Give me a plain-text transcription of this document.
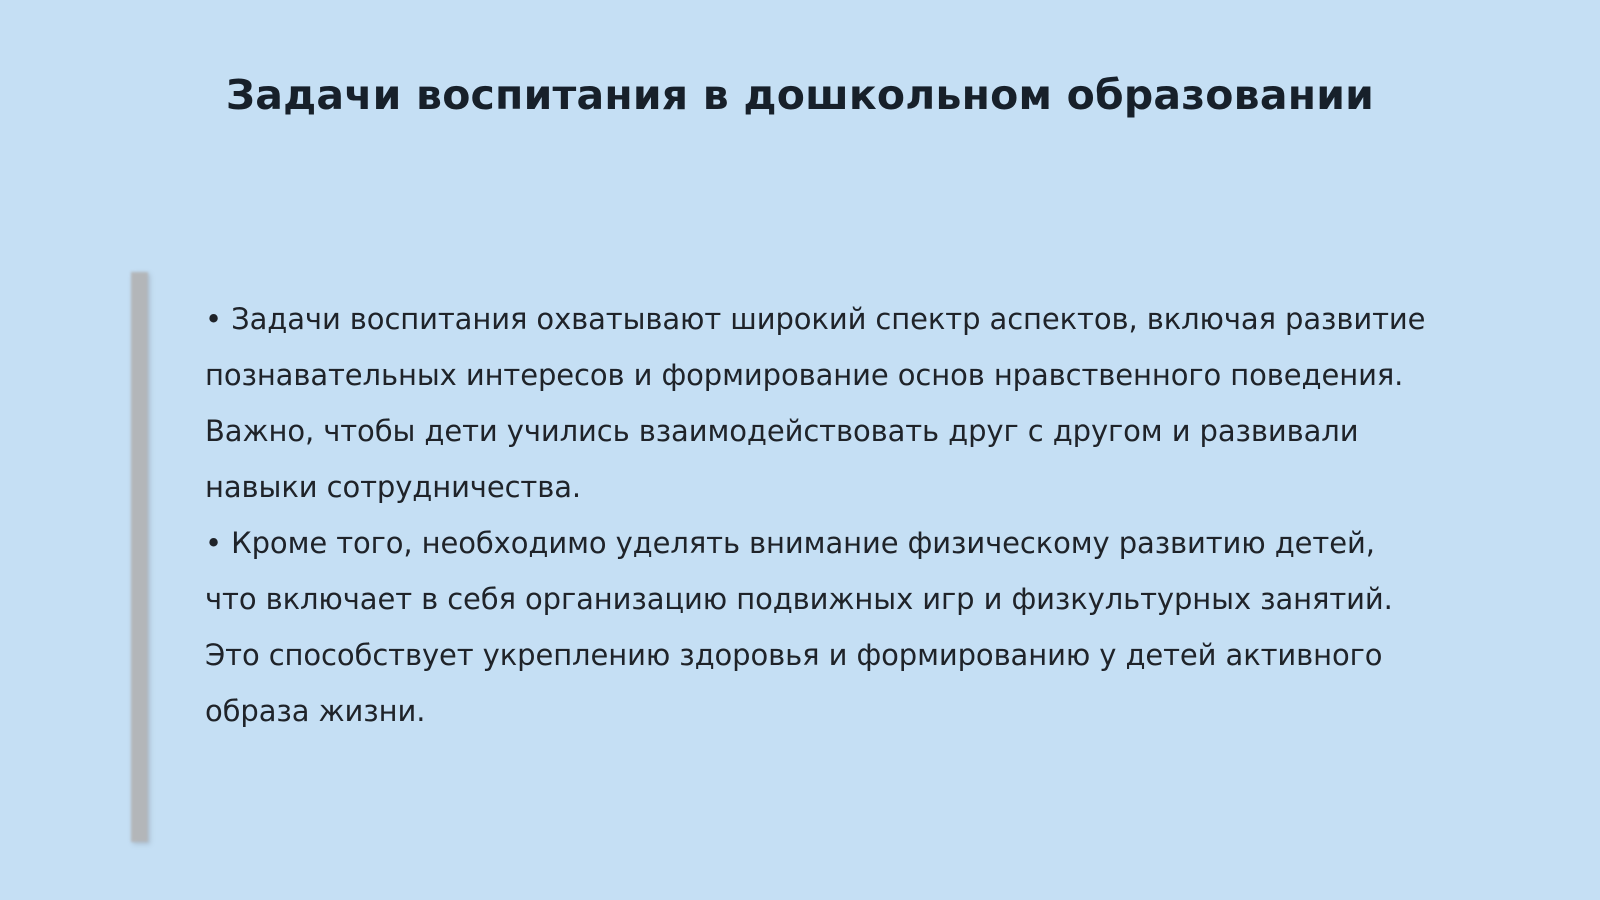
Задачи воспитания в дошкольном образовании

• Задачи воспитания охватывают широкий спектр аспектов, включая развитие познавательных интересов и формирование основ нравственного поведения. Важно, чтобы дети учились взаимодействовать друг с другом и развивали навыки сотрудничества.

• Кроме того, необходимо уделять внимание физическому развитию детей, что включает в себя организацию подвижных игр и физкультурных занятий. Это способствует укреплению здоровья и формированию у детей активного образа жизни.
